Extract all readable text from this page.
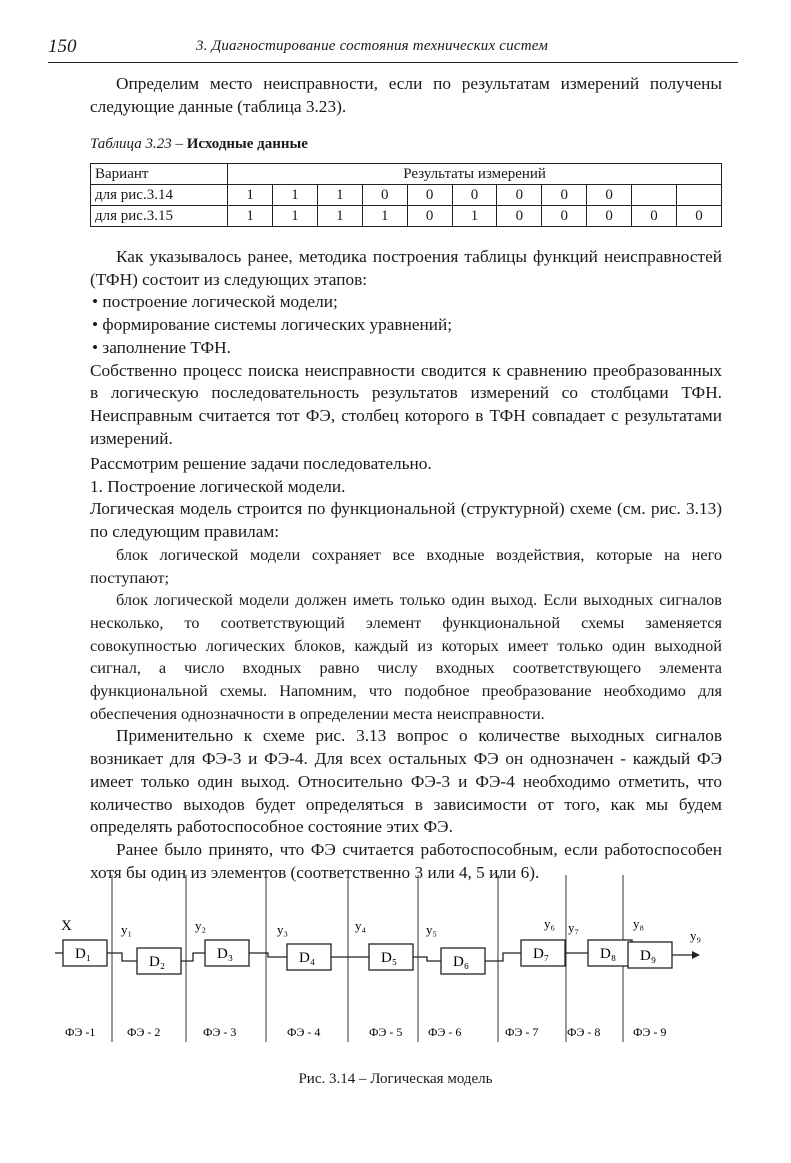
150	3. Диагностирование состояния технических систем

Определим место неисправности, если по результатам измерений получены следующие данные (таблица 3.23).

Таблица 3.23 – Исходные данные
Вариант	Результаты измерений										
для рис.3.14	1	1	1	0	0	0	0	0	0		
для рис.3.15	1	1	1	1	0	1	0	0	0	0	0

Как указывалось ранее, методика построения таблицы функций неисправностей (ТФН) состоит из следующих этапов:

• построение логической модели;

• формирование системы логических уравнений;

• заполнение ТФН.

Собственно процесс поиска неисправности сводится к сравнению преобразованных в логическую последовательность результатов измерений со столбцами ТФН. Неисправным считается тот ФЭ, столбец которого в ТФН совпадает с результатами измерений.

Рассмотрим решение задачи последовательно.

1. Построение логической модели.

Логическая модель строится по функциональной (структурной) схеме (см. рис. 3.13) по следующим правилам:

блок логической модели сохраняет все входные воздействия, которые на него поступают;

блок логической модели должен иметь только один выход. Если выходных сигналов несколько, то соответствующий элемент функциональной схемы заменяется совокупностью логических блоков, каждый из которых имеет только один выходной сигнал, а число входных равно числу входных соответствующего элемента функциональной схемы. Напомним, что подобное преобразование необходимо для обеспечения однозначности в определении места неисправности.

Применительно к схеме рис. 3.13 вопрос о количестве выходных сигналов возникает для ФЭ-3 и ФЭ-4. Для всех остальных ФЭ он однозначен - каждый ФЭ имеет только один выход. Относительно ФЭ-3 и ФЭ-4 необходимо отметить, что количество выходов будет определяться в зависимости от того, как мы будем определять работоспособное состояние этих ФЭ.

Ранее было принято, что ФЭ считается работоспособным, если работоспособен хотя бы один из элементов (соответственно 3 или 4, 5 или 6).

X
D₁
ФЭ -1
y₁
D₂
ФЭ - 2
y₂
D₃
ФЭ - 3
y₃
D₄
ФЭ - 4
y₄
D₅
ФЭ - 5
y₅
D₆
ФЭ - 6
y₆
D₇
ФЭ - 7
y₇
D₈
ФЭ - 8
y₈
D₉
ФЭ - 9
y₉
Рис. 3.14 – Логическая модель
